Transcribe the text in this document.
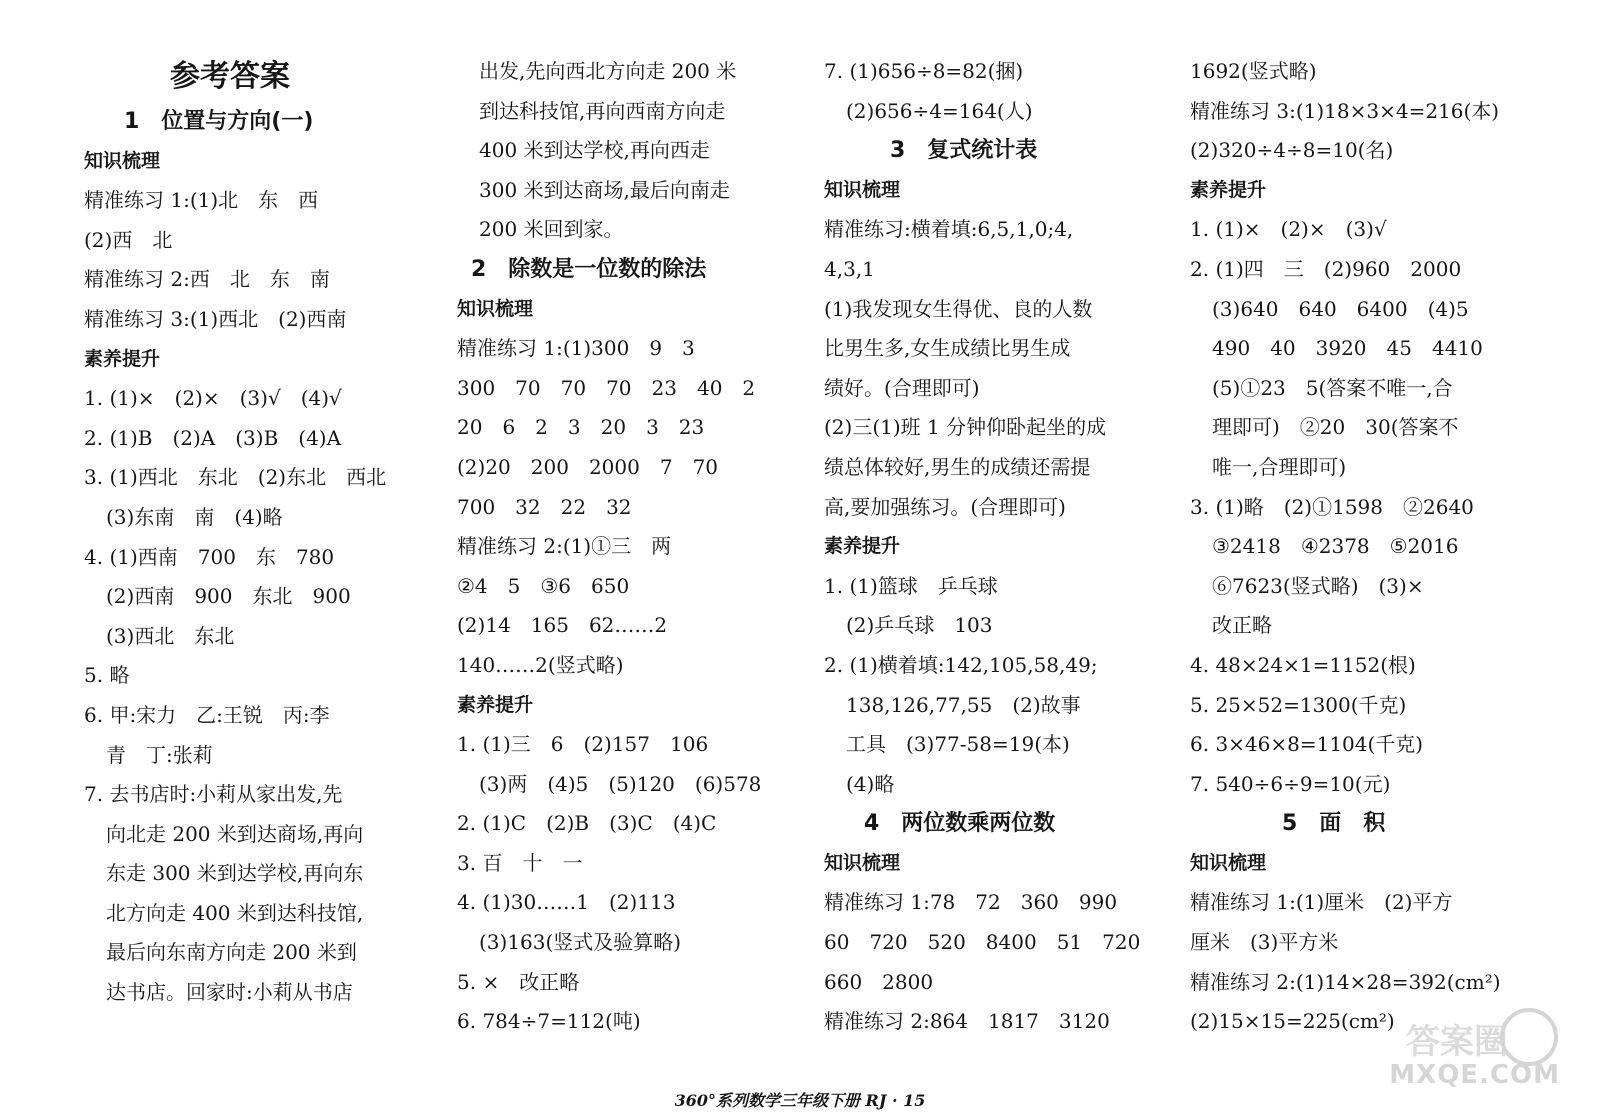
参考答案
1　位置与方向(一)
知识梳理
精准练习 1:(1)北　东　西
(2)西　北
精准练习 2:西　北　东　南
精准练习 3:(1)西北　(2)西南
素养提升
1. (1)×　(2)×　(3)√　(4)√
2. (1)B　(2)A　(3)B　(4)A
3. (1)西北　东北　(2)东北　西北
(3)东南　南　(4)略
4. (1)西南　700　东　780
(2)西南　900　东北　900
(3)西北　东北
5. 略
6. 甲:宋力　乙:王锐　丙:李
青　丁:张莉
7. 去书店时:小莉从家出发,先
向北走 200 米到达商场,再向
东走 300 米到达学校,再向东
北方向走 400 米到达科技馆,
最后向东南方向走 200 米到
达书店。回家时:小莉从书店
出发,先向西北方向走 200 米
到达科技馆,再向西南方向走
400 米到达学校,再向西走
300 米到达商场,最后向南走
200 米回到家。
2　除数是一位数的除法
知识梳理
精准练习 1:(1)300　9　3
300　70　70　70　23　40　2
20　6　2　3　20　3　23
(2)20　200　2000　7　70
700　32　22　32
精准练习 2:(1)①三　两
②4　5　③6　650
(2)14　165　62……2
140……2(竖式略)
素养提升
1. (1)三　6　(2)157　106
(3)两　(4)5　(5)120　(6)578
2. (1)C　(2)B　(3)C　(4)C
3. 百　十　一
4. (1)30……1　(2)113
(3)163(竖式及验算略)
5. ×　改正略
6. 784÷7=112(吨)
7. (1)656÷8=82(捆)
(2)656÷4=164(人)
3　复式统计表
知识梳理
精准练习:横着填:6,5,1,0;4,
4,3,1
(1)我发现女生得优、良的人数
比男生多,女生成绩比男生成
绩好。(合理即可)
(2)三(1)班 1 分钟仰卧起坐的成
绩总体较好,男生的成绩还需提
高,要加强练习。(合理即可)
素养提升
1. (1)篮球　乒乓球
(2)乒乓球　103
2. (1)横着填:142,105,58,49;
138,126,77,55　(2)故事
工具　(3)77-58=19(本)
(4)略
4　两位数乘两位数
知识梳理
精准练习 1:78　72　360　990
60　720　520　8400　51　720
660　2800
精准练习 2:864　1817　3120
1692(竖式略)
精准练习 3:(1)18×3×4=216(本)
(2)320÷4÷8=10(名)
素养提升
1. (1)×　(2)×　(3)√
2. (1)四　三　(2)960　2000
(3)640　640　6400　(4)5
490　40　3920　45　4410
(5)①23　5(答案不唯一,合
理即可)　②20　30(答案不
唯一,合理即可)
3. (1)略　(2)①1598　②2640
③2418　④2378　⑤2016
⑥7623(竖式略)　(3)×
改正略
4. 48×24×1=1152(根)
5. 25×52=1300(千克)
6. 3×46×8=1104(千克)
7. 540÷6÷9=10(元)
5　面　积
知识梳理
精准练习 1:(1)厘米　(2)平方
厘米　(3)平方米
精准练习 2:(1)14×28=392(cm²)
(2)15×15=225(cm²)
360°系列数学三年级下册 RJ · 15
答案圈
MXQE.COM
